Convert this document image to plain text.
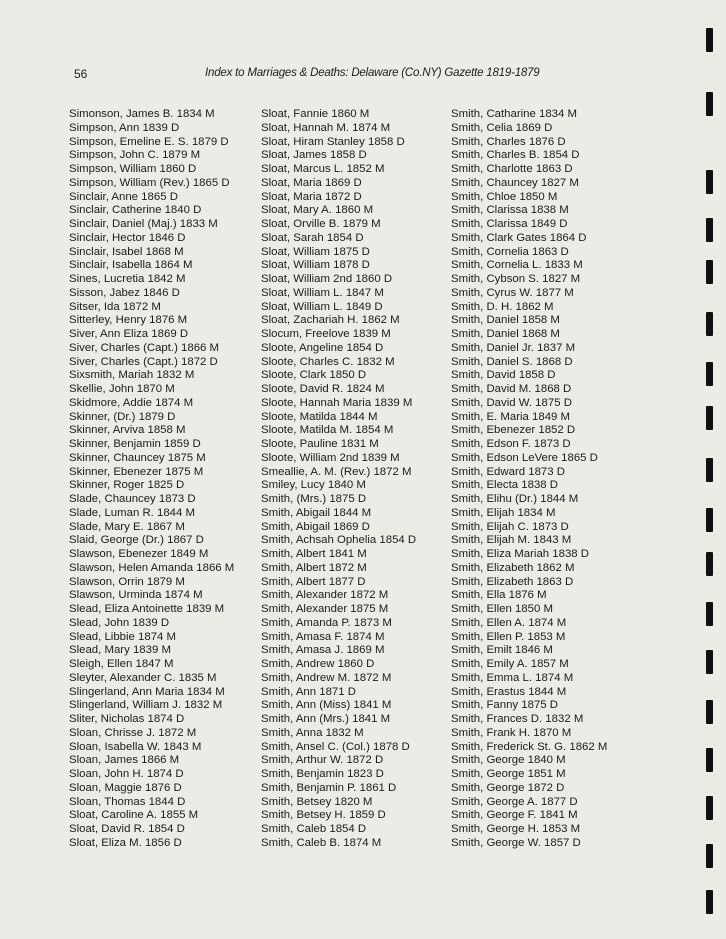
56	Index to Marriages & Deaths: Delaware (Co.NY) Gazette 1819-1879
Simonson, James B. 1834 M
Simpson, Ann 1839 D
Simpson, Emeline E. S. 1879 D
Simpson, John C. 1879 M
Simpson, William 1860 D
Simpson, William (Rev.) 1865 D
Sinclair, Anne 1865 D
Sinclair, Catherine 1840 D
Sinclair, Daniel (Maj.) 1833 M
Sinclair, Hector 1846 D
Sinclair, Isabel 1868 M
Sinclair, Isabella 1864 M
Sines, Lucretia 1842 M
Sisson, Jabez 1846 D
Sitser, Ida 1872 M
Sitterley, Henry 1876 M
Siver, Ann Eliza 1869 D
Siver, Charles (Capt.) 1866 M
Siver, Charles (Capt.) 1872 D
Sixsmith, Mariah 1832 M
Skellie, John 1870 M
Skidmore, Addie 1874 M
Skinner, (Dr.) 1879 D
Skinner, Arviva 1858 M
Skinner, Benjamin 1859 D
Skinner, Chauncey 1875 M
Skinner, Ebenezer 1875 M
Skinner, Roger 1825 D
Slade, Chauncey 1873 D
Slade, Luman R. 1844 M
Slade, Mary E. 1867 M
Slaid, George (Dr.) 1867 D
Slawson, Ebenezer 1849 M
Slawson, Helen Amanda 1866 M
Slawson, Orrin 1879 M
Slawson, Urminda 1874 M
Slead, Eliza Antoinette 1839 M
Slead, John 1839 D
Slead, Libbie 1874 M
Slead, Mary 1839 M
Sleigh, Ellen 1847 M
Sleyter, Alexander C. 1835 M
Slingerland, Ann Maria 1834 M
Slingerland, William J. 1832 M
Sliter, Nicholas 1874 D
Sloan, Chrisse J. 1872 M
Sloan, Isabella W. 1843 M
Sloan, James 1866 M
Sloan, John H. 1874 D
Sloan, Maggie 1876 D
Sloan, Thomas 1844 D
Sloat, Caroline A. 1855 M
Sloat, David R. 1854 D
Sloat, Eliza M. 1856 D
Sloat, Fannie 1860 M
Sloat, Hannah M. 1874 M
Sloat, Hiram Stanley 1858 D
Sloat, James 1858 D
Sloat, Marcus L. 1852 M
Sloat, Maria 1869 D
Sloat, Maria 1872 D
Sloat, Mary A. 1860 M
Sloat, Orville B. 1879 M
Sloat, Sarah 1854 D
Sloat, William 1875 D
Sloat, William 1878 D
Sloat, William 2nd 1860 D
Sloat, William L. 1847 M
Sloat, William L. 1849 D
Sloat, Zachariah H. 1862 M
Slocum, Freelove 1839 M
Sloote, Angeline 1854 D
Sloote, Charles C. 1832 M
Sloote, Clark 1850 D
Sloote, David R. 1824 M
Sloote, Hannah Maria 1839 M
Sloote, Matilda 1844 M
Sloote, Matilda M. 1854 M
Sloote, Pauline 1831 M
Sloote, William 2nd 1839 M
Smeallie, A. M. (Rev.) 1872 M
Smiley, Lucy 1840 M
Smith, (Mrs.) 1875 D
Smith, Abigail 1844 M
Smith, Abigail 1869 D
Smith, Achsah Ophelia 1854 D
Smith, Albert 1841 M
Smith, Albert 1872 M
Smith, Albert 1877 D
Smith, Alexander 1872 M
Smith, Alexander 1875 M
Smith, Amanda P. 1873 M
Smith, Amasa F. 1874 M
Smith, Amasa J. 1869 M
Smith, Andrew 1860 D
Smith, Andrew M. 1872 M
Smith, Ann 1871 D
Smith, Ann (Miss) 1841 M
Smith, Ann (Mrs.) 1841 M
Smith, Anna 1832 M
Smith, Ansel C. (Col.) 1878 D
Smith, Arthur W. 1872 D
Smith, Benjamin 1823 D
Smith, Benjamin P. 1861 D
Smith, Betsey 1820 M
Smith, Betsey H. 1859 D
Smith, Caleb 1854 D
Smith, Caleb B. 1874 M
Smith, Catharine 1834 M
Smith, Celia 1869 D
Smith, Charles 1876 D
Smith, Charles B. 1854 D
Smith, Charlotte 1863 D
Smith, Chauncey 1827 M
Smith, Chloe 1850 M
Smith, Clarissa 1838 M
Smith, Clarissa 1849 D
Smith, Clark Gates 1864 D
Smith, Cornelia 1863 D
Smith, Cornelia L. 1833 M
Smith, Cybson S. 1827 M
Smith, Cyrus W. 1877 M
Smith, D. H. 1862 M
Smith, Daniel 1858 M
Smith, Daniel 1868 M
Smith, Daniel Jr. 1837 M
Smith, Daniel S. 1868 D
Smith, David 1858 D
Smith, David M. 1868 D
Smith, David W. 1875 D
Smith, E. Maria 1849 M
Smith, Ebenezer 1852 D
Smith, Edson F. 1873 D
Smith, Edson LeVere 1865 D
Smith, Edward 1873 D
Smith, Electa 1838 D
Smith, Elihu (Dr.) 1844 M
Smith, Elijah 1834 M
Smith, Elijah C. 1873 D
Smith, Elijah M. 1843 M
Smith, Eliza Mariah 1838 D
Smith, Elizabeth 1862 M
Smith, Elizabeth 1863 D
Smith, Ella 1876 M
Smith, Ellen 1850 M
Smith, Ellen A. 1874 M
Smith, Ellen P. 1853 M
Smith, Emilt 1846 M
Smith, Emily A. 1857 M
Smith, Emma L. 1874 M
Smith, Erastus 1844 M
Smith, Fanny 1875 D
Smith, Frances D. 1832 M
Smith, Frank H. 1870 M
Smith, Frederick St. G. 1862 M
Smith, George 1840 M
Smith, George 1851 M
Smith, George 1872 D
Smith, George A. 1877 D
Smith, George F. 1841 M
Smith, George H. 1853 M
Smith, George W. 1857 D
